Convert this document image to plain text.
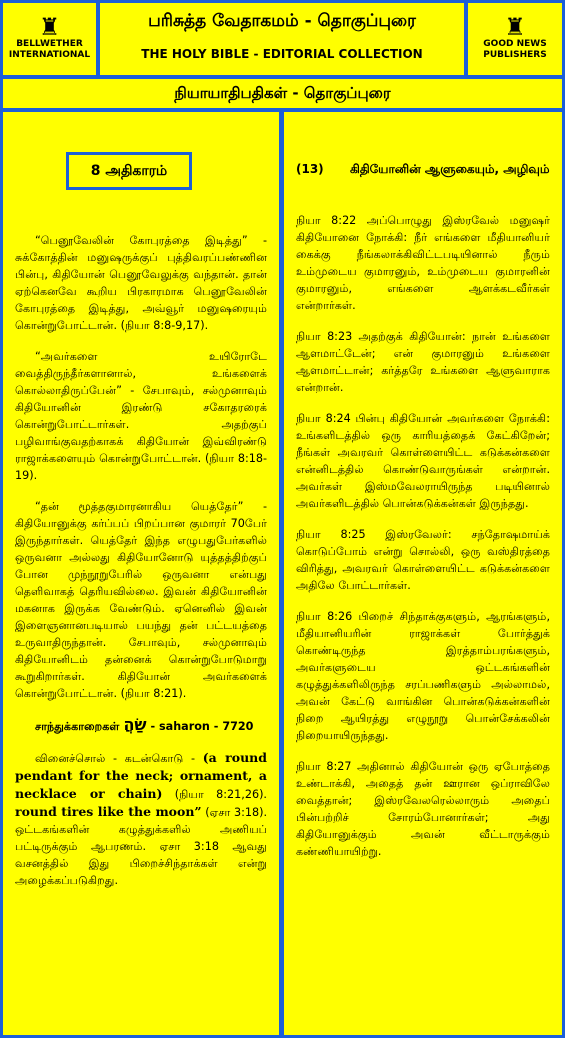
♜
BELLWETHER
INTERNATIONAL
பரிசுத்த வேதாகமம் - தொகுப்புரை
THE HOLY BIBLE - EDITORIAL COLLECTION
♜
GOOD NEWS
PUBLISHERS
நியாயாதிபதிகள் - தொகுப்புரை
8 அதிகாரம்

“பெனூவேலின் கோபுரத்தை இடித்து” - சுக்கோத்தின் மனுஷருக்குப் புத்திவரப்பண்ணின பின்பு, கிதியோன் பெனூவேலுக்கு வந்தான். தான் ஏற்கெனவே கூறிய பிரகாரமாக பெனூவேலின் கோபுரத்தை இடித்து, அவ்வூர் மனுஷரையும் கொன்றுபோட்டான். (நியா 8:8-9,17).

“அவர்களை உயிரோடே வைத்திருந்தீர்களானால், உங்களைக் கொல்லாதிருப்பேன்” - சேபாவும், சல்முனாவும் கிதியோனின் இரண்டு சகோதரரைக் கொன்றுபோட்டார்கள். அதற்குப் பழிவாங்குவதற்காகக் கிதியோன் இவ்விரண்டு ராஜாக்களையும் கொன்றுபோட்டான். (நியா 8:18-19).

“தன் மூத்தகுமாரனாகிய யெத்தேர்” - கிதியோனுக்கு கர்ப்பப் பிறப்பான குமாரர் 70பேர் இருந்தார்கள். யெத்தேர் இந்த எழுபதுபேர்களில் ஒருவனா அல்லது கிதியோனோடு யுத்தத்திற்குப் போன முந்நூறுபேரில் ஒருவனா என்பது தெளிவாகத் தெரியவில்லை. இவன் கிதியோனின் மகனாக இருக்க வேண்டும். ஏனெனில் இவன் இளைஞனானபடியால் பயந்து தன் பட்டயத்தை உருவாதிருந்தான். சேபாவும், சல்முனாவும் கிதியோனிடம் தன்னைக் கொன்றுபோடுமாறு கூறுகிறார்கள். கிதியோன் அவர்களைக் கொன்றுபோட்டான். (நியா 8:21).

சாந்துக்காறைகள் שַׂהֲ - saharon - 7720

வினைச்சொல் - கடன்கொடு - (a round pendant for the neck; ornament, a necklace or chain) (நியா 8:21,26). round tires like the moon” (ஏசா 3:18). ஒட்டகங்களின் கழுத்துக்களில் அணியப் பட்டிருக்கும் ஆபரணம். ஏசா 3:18 ஆவது வசனத்தில் இது பிறைச்சிந்தாக்கள் என்று அழைக்கப்படுகிறது.

(13)	கிதியோனின் ஆளுகையும், அழிவும்

நியா 8:22 அப்பொழுது இஸ்ரவேல் மனுஷர் கிதியோனை நோக்கி: நீர் எங்களை மீதியானியர் கைக்கு நீங்கலாக்கிவிட்டபடியினால் நீரும் உம்முடைய குமாரனும், உம்முடைய குமாரனின் குமாரனும், எங்களை ஆளக்கடவீர்கள் என்றார்கள்.

நியா 8:23 அதற்குக் கிதியோன்: நான் உங்களை ஆளமாட்டேன்; என் குமாரனும் உங்களை ஆளமாட்டான்; கர்த்தரே உங்களை ஆளுவாராக என்றான்.

நியா 8:24 பின்பு கிதியோன் அவர்களை நோக்கி: உங்களிடத்தில் ஒரு காரியத்தைக் கேட்கிறேன்; நீங்கள் அவரவர் கொள்ளையிட்ட கடுக்கன்களை என்னிடத்தில் கொண்டுவாருங்கள் என்றான். அவர்கள் இஸ்மவேலராயிருந்த படியினால் அவர்களிடத்தில் பொன்கடுக்கன்கள் இருந்தது.

நியா 8:25 இஸ்ரவேலர்: சந்தோஷமாய்க் கொடுப்போம் என்று சொல்லி, ஒரு வஸ்திரத்தை விரித்து, அவரவர் கொள்ளையிட்ட கடுக்கன்களை அதிலே போட்டார்கள்.

நியா 8:26 பிறைச் சிந்தாக்குகளும், ஆரங்களும், மீதியானியரின் ராஜாக்கள் போர்த்துக் கொண்டிருந்த இரத்தாம்பரங்களும், அவர்களுடைய ஒட்டகங்களின் கழுத்துக்களிலிருந்த சரப்பணிகளும் அல்லாமல், அவன் கேட்டு வாங்கின பொன்கடுக்கன்களின் நிறை ஆயிரத்து எழுநூறு பொன்சேக்கலின் நிறையாயிருந்தது.

நியா 8:27 அதினால் கிதியோன் ஒரு ஏபோத்தை உண்டாக்கி, அதைத் தன் ஊரான ஒப்ராவிலே வைத்தான்; இஸ்ரவேலரெல்லாரும் அதைப் பின்பற்றிச் சோரம்போனார்கள்; அது கிதியோனுக்கும் அவன் வீட்டாருக்கும் கண்ணியாயிற்று.
